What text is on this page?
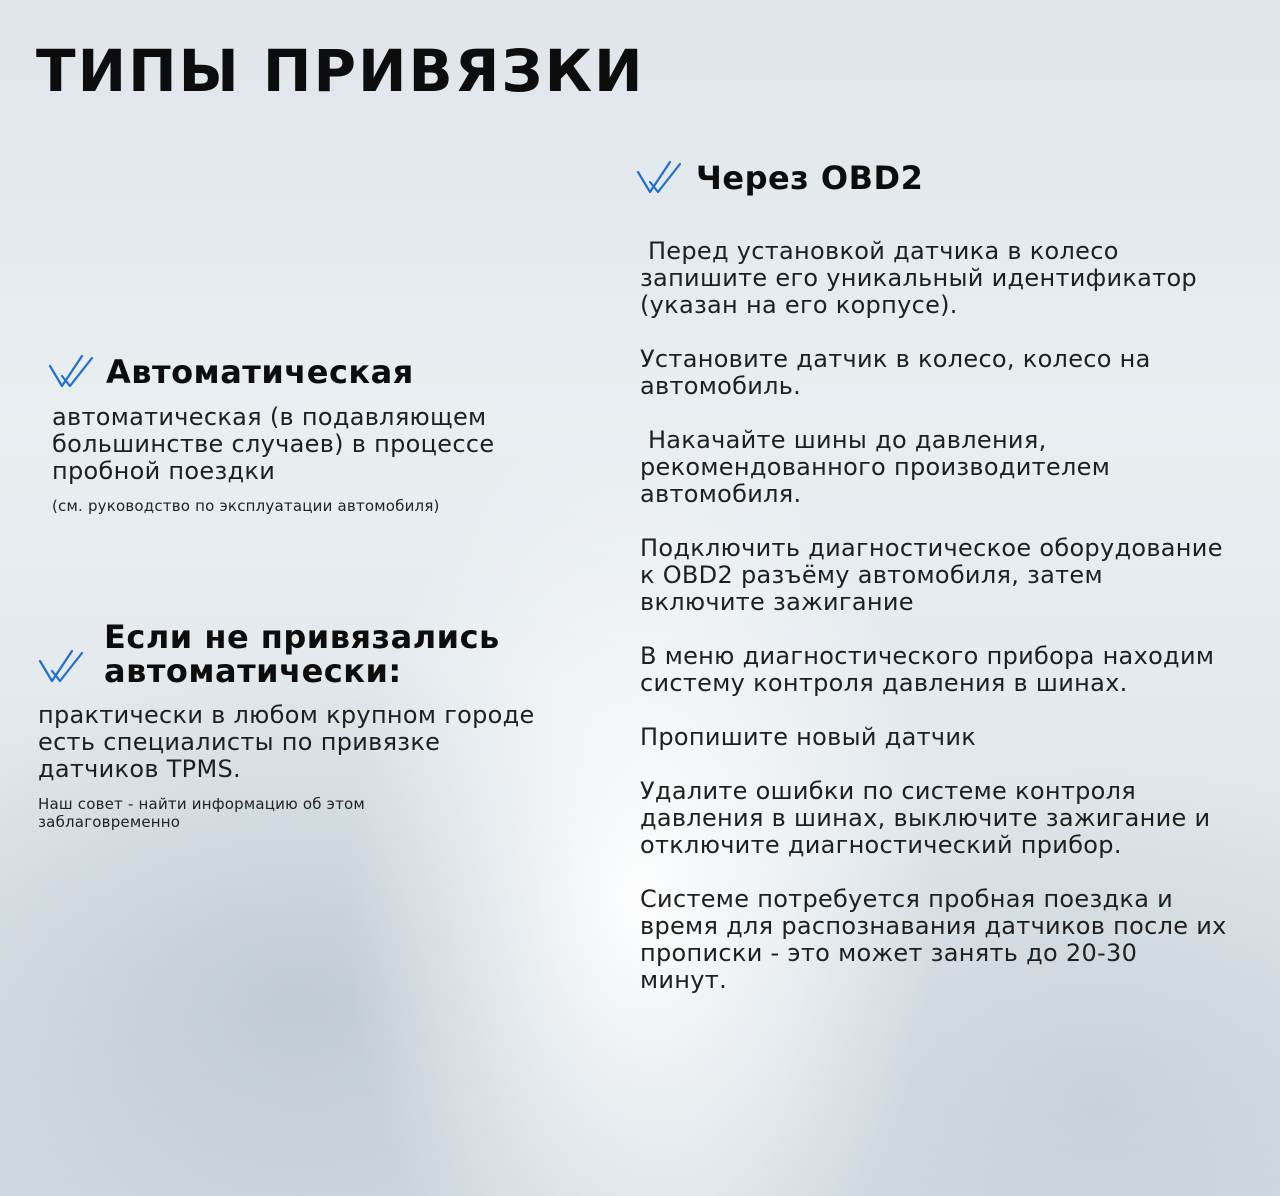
ТИПЫ ПРИВЯЗКИ
Автоматическая
автоматическая (в подавляющем большинстве случаев) в процессе пробной поездки
(см. руководство по эксплуатации автомобиля)
Если не привязались автоматически:
практически в любом крупном городе есть специалисты по привязке датчиков TPMS.
Наш совет - найти информацию об этом заблаговременно
Через OBD2
Перед установкой датчика в колесо запишите его уникальный идентификатор (указан на его корпусе).
Установите датчик в колесо, колесо на автомобиль.
Накачайте шины до давления, рекомендованного производителем автомобиля.
Подключить диагностическое оборудование к OBD2 разъёму автомобиля, затем включите зажигание
В меню диагностического прибора находим систему контроля давления в шинах.
Пропишите новый датчик
Удалите ошибки по системе контроля давления в шинах, выключите зажигание и отключите диагностический прибор.
Системе потребуется пробная поездка и время для распознавания датчиков после их прописки - это может занять до 20-30 минут.
